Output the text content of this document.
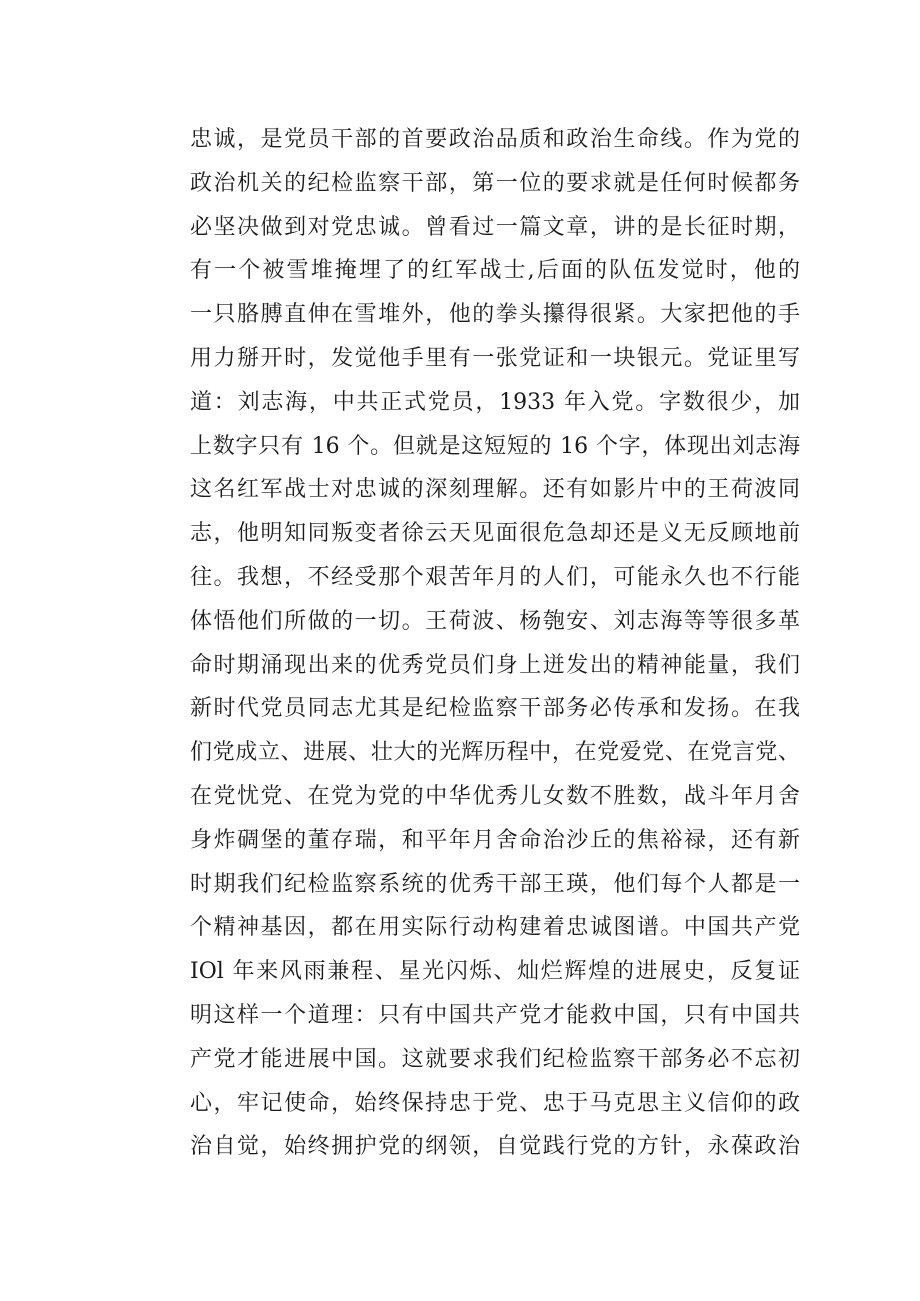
忠诚，是党员干部的首要政治品质和政治生命线。作为党的
政治机关的纪检监察干部，第一位的要求就是任何时候都务
必坚决做到对党忠诚。曾看过一篇文章，讲的是长征时期，
有一个被雪堆掩埋了的红军战士,后面的队伍发觉时，他的
一只胳膊直伸在雪堆外，他的拳头攥得很紧。大家把他的手
用力掰开时，发觉他手里有一张党证和一块银元。党证里写
道：刘志海，中共正式党员，1933 年入党。字数很少，加
上数字只有 16 个。但就是这短短的 16 个字，体现出刘志海
这名红军战士对忠诚的深刻理解。还有如影片中的王荷波同
志，他明知同叛变者徐云天见面很危急却还是义无反顾地前
往。我想，不经受那个艰苦年月的人们，可能永久也不行能
体悟他们所做的一切。王荷波、杨匏安、刘志海等等很多革
命时期涌现出来的优秀党员们身上迸发出的精神能量，我们
新时代党员同志尤其是纪检监察干部务必传承和发扬。在我
们党成立、进展、壮大的光辉历程中，在党爱党、在党言党、
在党忧党、在党为党的中华优秀儿女数不胜数，战斗年月舍
身炸碉堡的董存瑞，和平年月舍命治沙丘的焦裕禄，还有新
时期我们纪检监察系统的优秀干部王瑛，他们每个人都是一
个精神基因，都在用实际行动构建着忠诚图谱。中国共产党
IOl 年来风雨兼程、星光闪烁、灿烂辉煌的进展史，反复证
明这样一个道理：只有中国共产党才能救中国，只有中国共
产党才能进展中国。这就要求我们纪检监察干部务必不忘初
心，牢记使命，始终保持忠于党、忠于马克思主义信仰的政
治自觉，始终拥护党的纲领，自觉践行党的方针，永葆政治
